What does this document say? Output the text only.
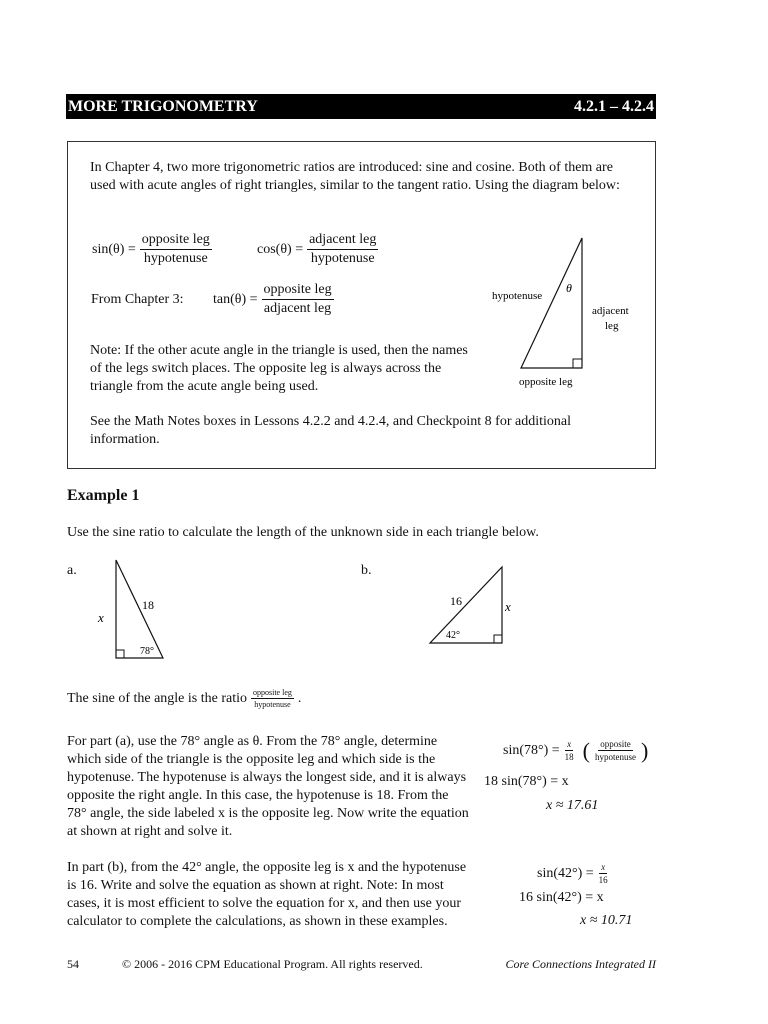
MORE TRIGONOMETRY	4.2.1 – 4.2.4
In Chapter 4, two more trigonometric ratios are introduced: sine and cosine. Both of them are used with acute angles of right triangles, similar to the tangent ratio. Using the diagram below:
$\sin(\theta) = \frac{\text{opposite leg}}{\text{hypotenuse}}$	$\cos(\theta) = \frac{\text{adjacent leg}}{\text{hypotenuse}}$
From Chapter 3: $\tan(\theta) = \frac{\text{opposite leg}}{\text{adjacent leg}}$
Note: If the other acute angle in the triangle is used, then the names of the legs switch places. The opposite leg is always across the triangle from the acute angle being used.
See the Math Notes boxes in Lessons 4.2.2 and 4.2.4, and Checkpoint 8 for additional information.
hypotenuse
θ
adjacent
leg
opposite leg
Example 1
Use the sine ratio to calculate the length of the unknown side in each triangle below.
a.	b.
x
18
78°
16	x
42°
The sine of the angle is the ratio $\frac{\text{opposite leg}}{\text{hypotenuse}}$ .
For part (a), use the 78° angle as θ. From the 78° angle, determine which side of the triangle is the opposite leg and which side is the hypotenuse. The hypotenuse is always the longest side, and it is always opposite the right angle. In this case, the hypotenuse is 18. From the 78° angle, the side labeled x is the opposite leg. Now write the equation at shown at right and solve it.
$\sin(78^\circ) = \frac{x}{18}$ ( $\frac{\text{opposite}}{\text{hypotenuse}}$ )
18 sin(78°) = x
x ≈ 17.61
In part (b), from the 42° angle, the opposite leg is x and the hypotenuse is 16. Write and solve the equation as shown at right. Note: In most cases, it is most efficient to solve the equation for x, and then use your calculator to complete the calculations, as shown in these examples.
$\sin(42^\circ) = \frac{x}{16}$
16 sin(42°) = x
x ≈ 10.71
54	© 2006 - 2016 CPM Educational Program. All rights reserved.	Core Connections Integrated II
